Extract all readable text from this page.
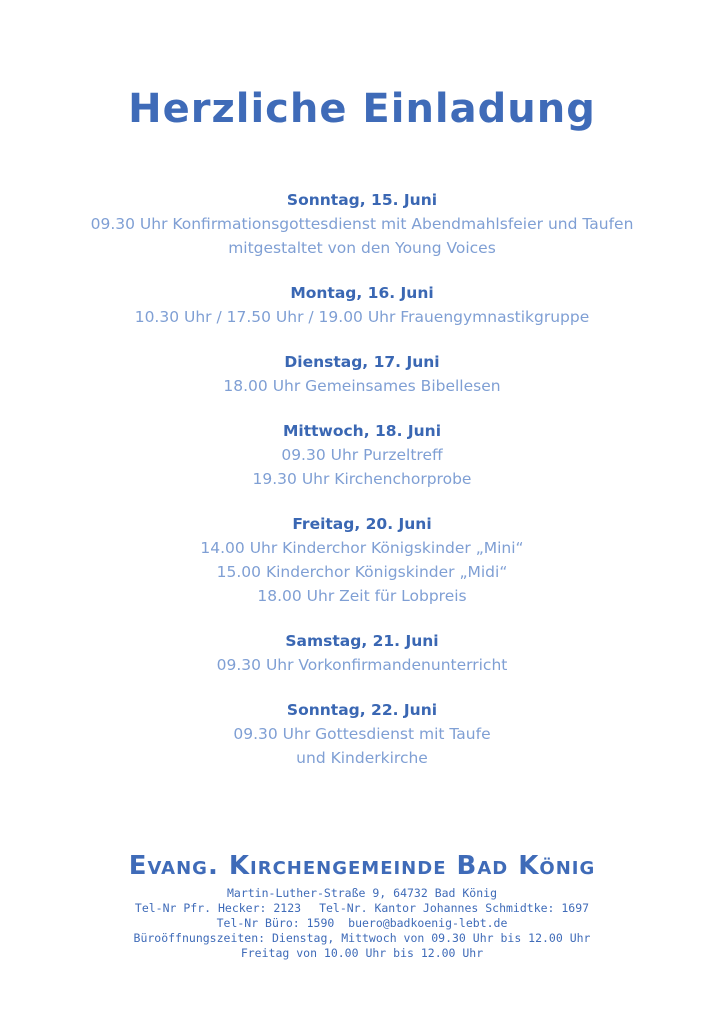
Herzliche Einladung
Sonntag, 15. Juni
09.30 Uhr Konfirmationsgottesdienst mit Abendmahlsfeier und Taufen
mitgestaltet von den Young Voices
Montag, 16. Juni
10.30 Uhr / 17.50 Uhr / 19.00 Uhr Frauengymnastikgruppe
Dienstag, 17. Juni
18.00 Uhr Gemeinsames Bibellesen
Mittwoch, 18. Juni
09.30 Uhr Purzeltreff
19.30 Uhr Kirchenchorprobe
Freitag, 20. Juni
14.00 Uhr Kinderchor Königskinder „Mini“
15.00 Kinderchor Königskinder „Midi“
18.00 Uhr Zeit für Lobpreis
Samstag, 21. Juni
09.30 Uhr Vorkonfirmandenunterricht
Sonntag, 22. Juni
09.30 Uhr Gottesdienst mit Taufe
und Kinderkirche
Evang. Kirchengemeinde Bad König
Martin-Luther-Straße 9, 64732 Bad König
Tel-Nr Pfr. Hecker: 2123 Tel-Nr. Kantor Johannes Schmidtke: 1697
Tel-Nr Büro: 1590 buero@badkoenig-lebt.de
Büroöffnungszeiten: Dienstag, Mittwoch von 09.30 Uhr bis 12.00 Uhr
Freitag von 10.00 Uhr bis 12.00 Uhr
